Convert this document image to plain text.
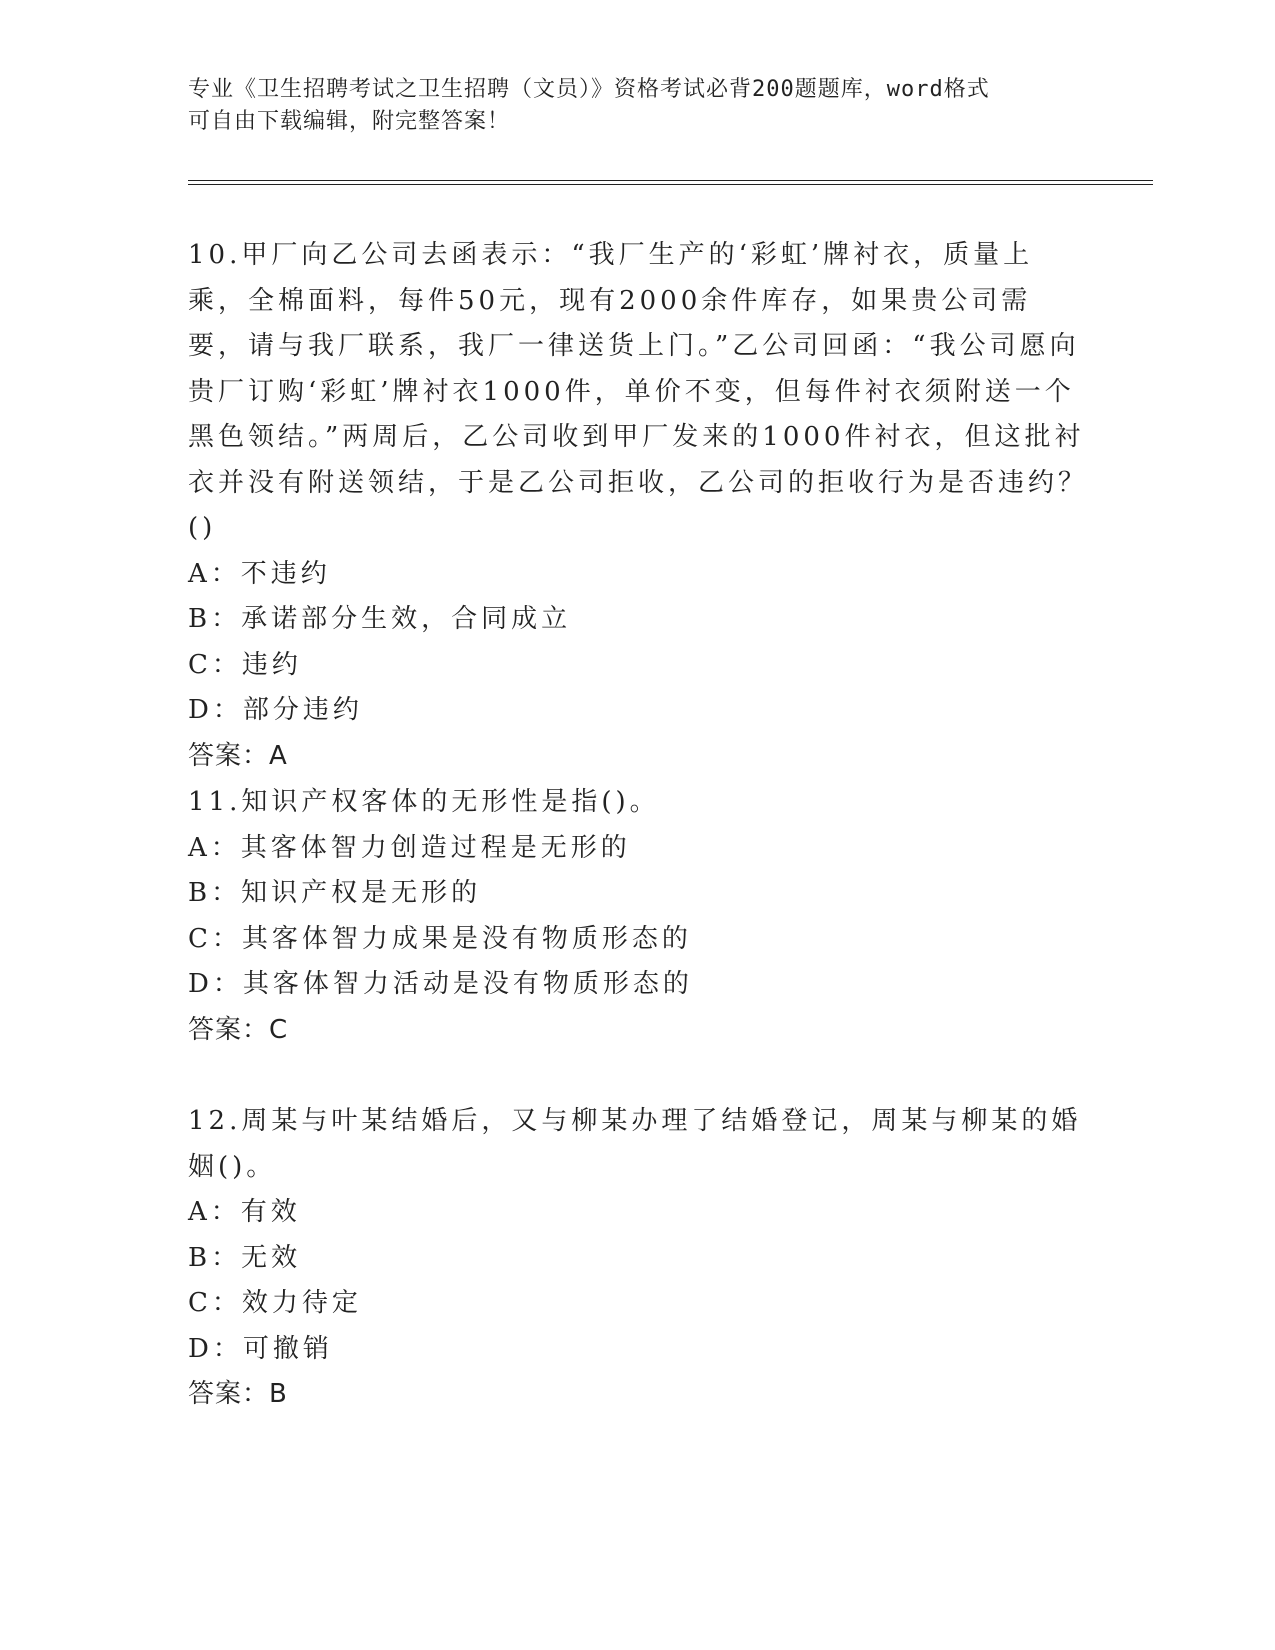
专业《卫生招聘考试之卫生招聘（文员）》资格考试必背200题题库，word格式
可自由下载编辑，附完整答案！
10.甲厂向乙公司去函表示：“我厂生产的‘彩虹’牌衬衣，质量上乘，全棉面料，每件50元，现有2000余件库存，如果贵公司需要，请与我厂联系，我厂一律送货上门。”乙公司回函：“我公司愿向贵厂订购‘彩虹’牌衬衣1000件，单价不变，但每件衬衣须附送一个黑色领结。”两周后，乙公司收到甲厂发来的1000件衬衣，但这批衬衣并没有附送领结，于是乙公司拒收，乙公司的拒收行为是否违约？()
A：不违约
B：承诺部分生效，合同成立
C：违约
D：部分违约
答案：A
11.知识产权客体的无形性是指()。
A：其客体智力创造过程是无形的
B：知识产权是无形的
C：其客体智力成果是没有物质形态的
D：其客体智力活动是没有物质形态的
答案：C
12.周某与叶某结婚后，又与柳某办理了结婚登记，周某与柳某的婚姻()。
A：有效
B：无效
C：效力待定
D：可撤销
答案：B
